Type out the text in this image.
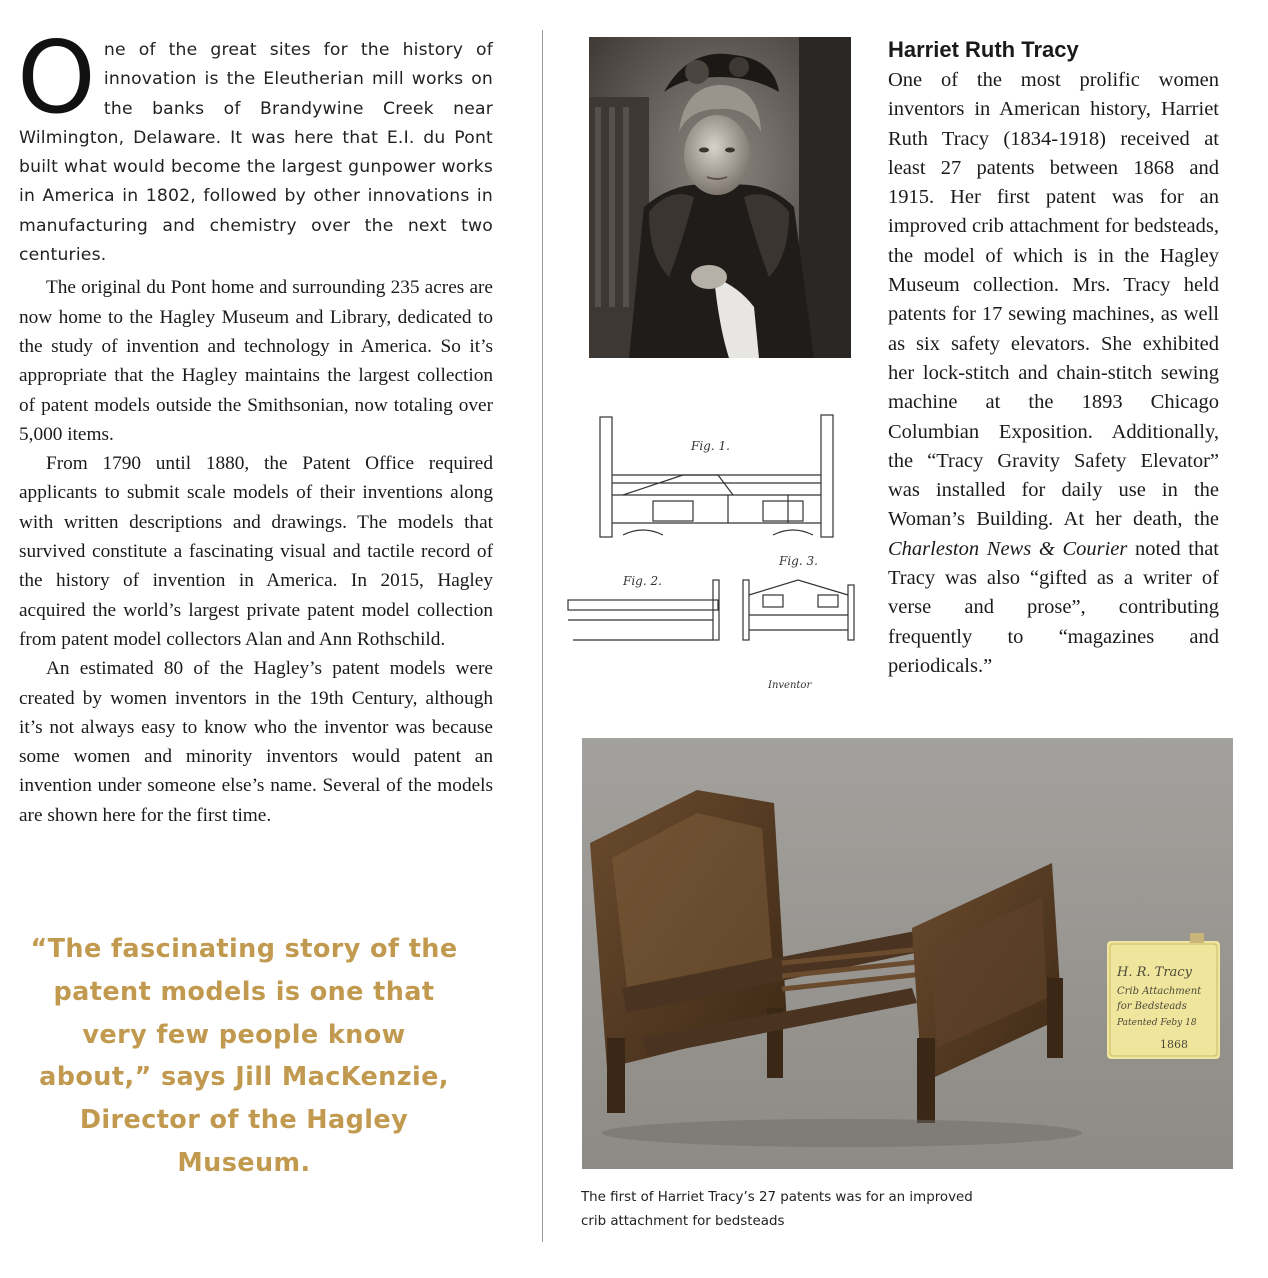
One of the great sites for the history of innovation is the Eleutherian mill works on the banks of Brandywine Creek near Wilmington, Delaware. It was here that E.I. du Pont built what would become the largest gunpower works in America in 1802, followed by other innovations in manufacturing and chemistry over the next two centuries.

The original du Pont home and surrounding 235 acres are now home to the Hagley Museum and Library, dedicated to the study of invention and technology in America. So it’s appropriate that the Hagley maintains the largest collection of patent models outside the Smithsonian, now totaling over 5,000 items.

From 1790 until 1880, the Patent Office required applicants to submit scale models of their inventions along with written descriptions and drawings. The models that survived constitute a fascinating visual and tactile record of the history of invention in America. In 2015, Hagley acquired the world’s largest private patent model collection from patent model collectors Alan and Ann Rothschild.

An estimated 80 of the Hagley’s patent models were created by women inventors in the 19th Century, although it’s not always easy to know who the inventor was because some women and minority inventors would patent an invention under someone else’s name. Several of the models are shown here for the first time.

“The fascinating story of the patent models is one that very few people know about,” says Jill MacKenzie, Director of the Hagley Museum.
Fig. 1.
Fig. 2.
Fig. 3.
Inventor
Harriet Ruth Tracy

One of the most prolific women inventors in American history, Harriet Ruth Tracy (1834-1918) received at least 27 patents between 1868 and 1915. Her first patent was for an improved crib attachment for bedsteads, the model of which is in the Hagley Museum collection. Mrs. Tracy held patents for 17 sewing machines, as well as six safety elevators. She exhibited her lock-stitch and chain-stitch sewing machine at the 1893 Chicago Columbian Exposition. Additionally, the “Tracy Gravity Safety Elevator” was installed for daily use in the Woman’s Building. At her death, the Charleston News & Courier noted that Tracy was also “gifted as a writer of verse and prose”, contributing frequently to “magazines and periodicals.”

H. R. Tracy
Crib Attachment
for Bedsteads
Patented Feby 18
1868
The first of Harriet Tracy’s 27 patents was for an improved crib attachment for bedsteads
